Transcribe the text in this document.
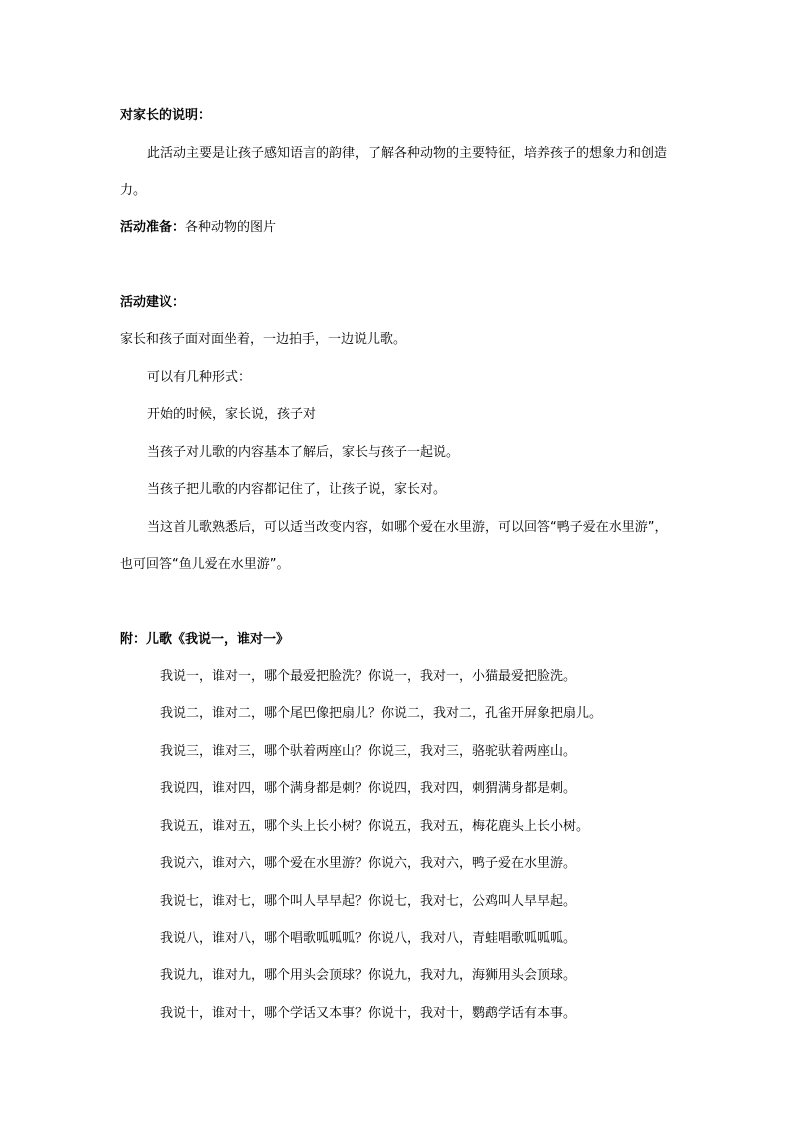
对家长的说明：

此活动主要是让孩子感知语言的韵律，了解各种动物的主要特征，培养孩子的想象力和创造

力。

活动准备：各种动物的图片

活动建议：

家长和孩子面对面坐着，一边拍手，一边说儿歌。

可以有几种形式：

开始的时候，家长说，孩子对

当孩子对儿歌的内容基本了解后，家长与孩子一起说。

当孩子把儿歌的内容都记住了，让孩子说，家长对。

当这首儿歌熟悉后，可以适当改变内容，如哪个爱在水里游，可以回答“鸭子爱在水里游”，

也可回答“鱼儿爱在水里游”。

附：儿歌《我说一，谁对一》

我说一，谁对一，哪个最爱把脸洗？你说一，我对一，小猫最爱把脸洗。

我说二，谁对二，哪个尾巴像把扇儿？你说二，我对二，孔雀开屏象把扇儿。

我说三，谁对三，哪个驮着两座山？你说三，我对三，骆驼驮着两座山。

我说四，谁对四，哪个满身都是刺？你说四，我对四，刺猬满身都是刺。

我说五，谁对五，哪个头上长小树？你说五，我对五，梅花鹿头上长小树。

我说六，谁对六，哪个爱在水里游？你说六，我对六，鸭子爱在水里游。

我说七，谁对七，哪个叫人早早起？你说七，我对七，公鸡叫人早早起。

我说八，谁对八，哪个唱歌呱呱呱？你说八，我对八，青蛙唱歌呱呱呱。

我说九，谁对九，哪个用头会顶球？你说九，我对九，海狮用头会顶球。

我说十，谁对十，哪个学话又本事？你说十，我对十，鹦鹉学话有本事。
